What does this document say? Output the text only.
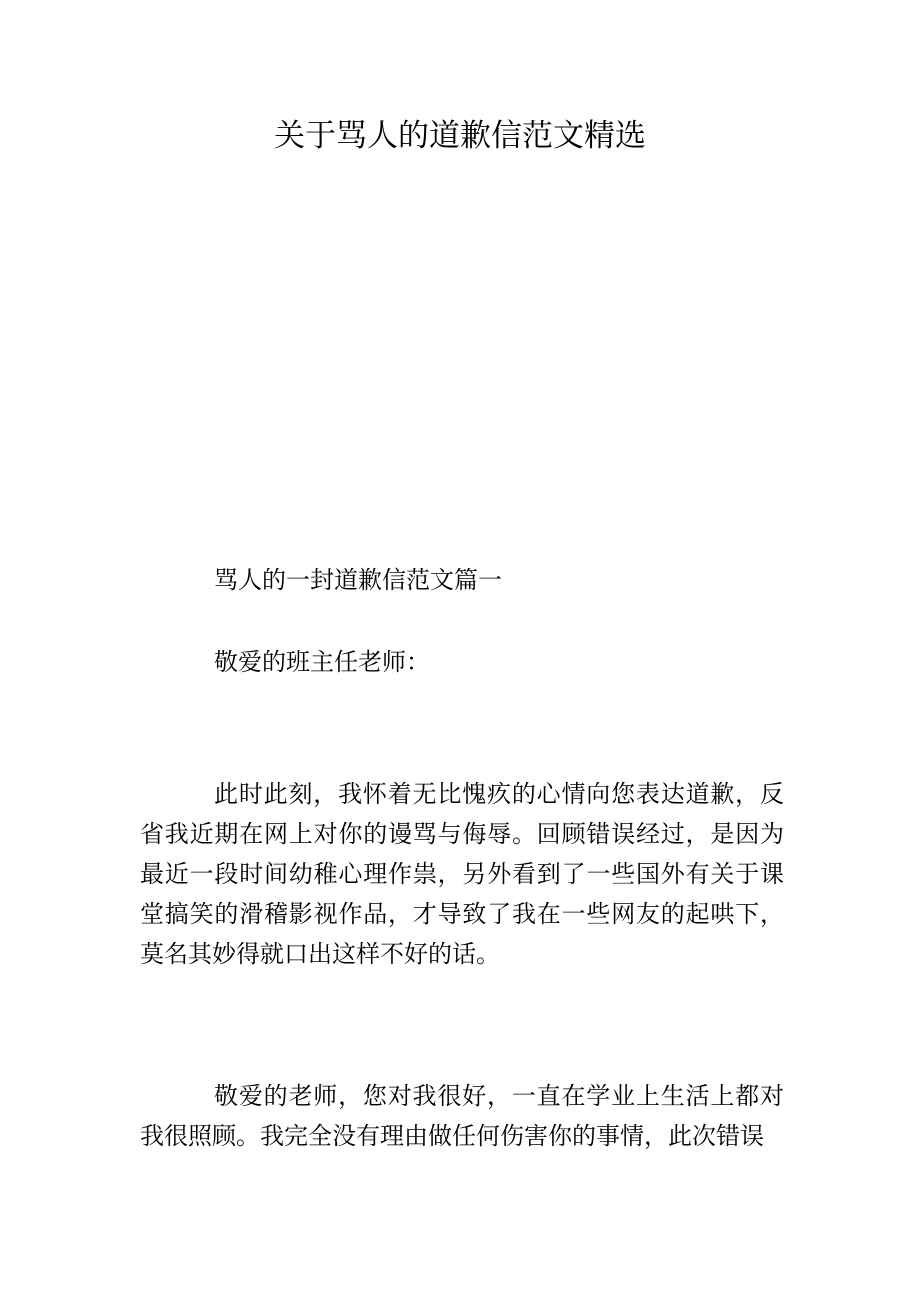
关于骂人的道歉信范文精选
骂人的一封道歉信范文篇一
敬爱的班主任老师：

此时此刻，我怀着无比愧疚的心情向您表达道歉，反省我近期在网上对你的谩骂与侮辱。回顾错误经过，是因为最近一段时间幼稚心理作祟，另外看到了一些国外有关于课堂搞笑的滑稽影视作品，才导致了我在一些网友的起哄下，莫名其妙得就口出这样不好的话。

敬爱的老师，您对我很好，一直在学业上生活上都对我很照顾。我完全没有理由做任何伤害你的事情，此次错误
